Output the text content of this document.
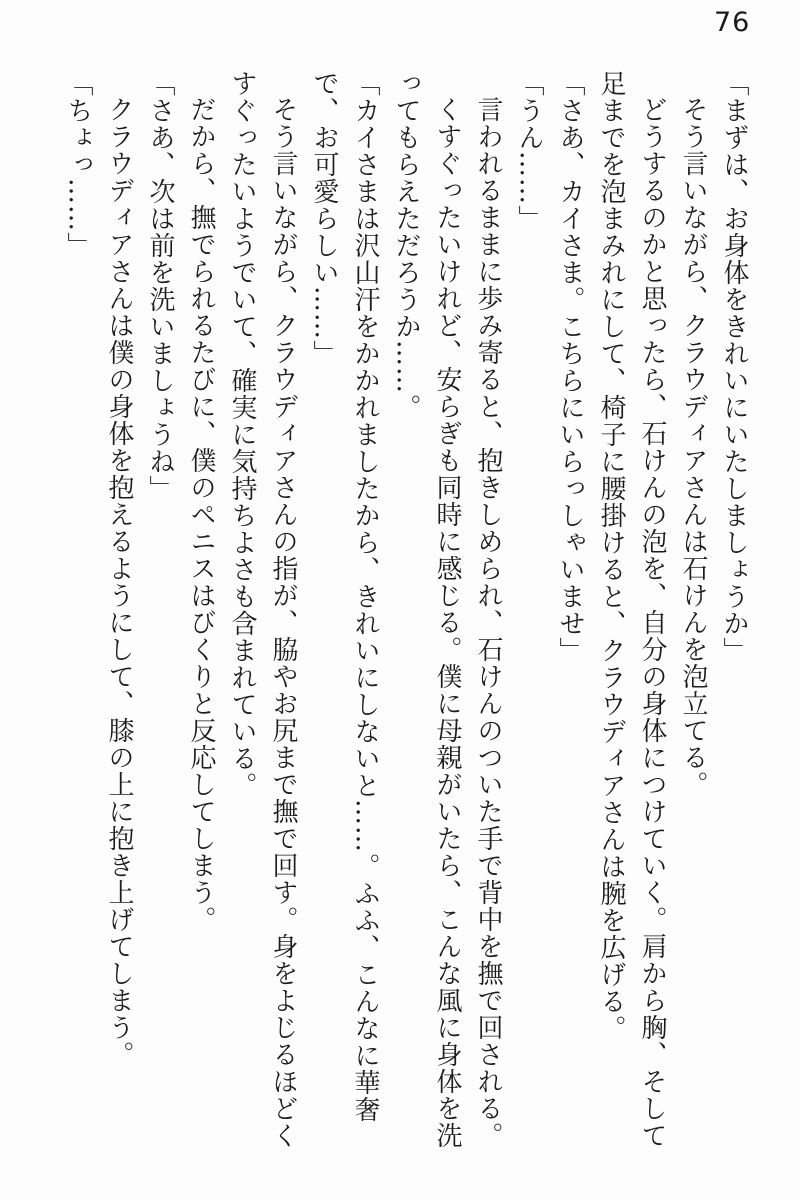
76

「まずは、お身体をきれいにいたしましょうか」

そう言いながら、クラウディアさんは石けんを泡立てる。

どうするのかと思ったら、石けんの泡を、自分の身体につけていく。肩から胸、そして足までを泡まみれにして、椅子に腰掛けると、クラウディアさんは腕を広げる。

「さあ、カイさま。こちらにいらっしゃいませ」

「うん……」

言われるままに歩み寄ると、抱きしめられ、石けんのついた手で背中を撫で回される。

くすぐったいけれど、安らぎも同時に感じる。僕に母親がいたら、こんな風に身体を洗ってもらえただろうか……。

「カイさまは沢山汗をかかれましたから、きれいにしないと……。ふふ、こんなに華奢で、お可愛らしい……」

そう言いながら、クラウディアさんの指が、脇やお尻まで撫で回す。身をよじるほどくすぐったいようでいて、確実に気持ちよさも含まれている。

だから、撫でられるたびに、僕のペニスはびくりと反応してしまう。

「さあ、次は前を洗いましょうね」

クラウディアさんは僕の身体を抱えるようにして、膝の上に抱き上げてしまう。

「ちょっ……」
